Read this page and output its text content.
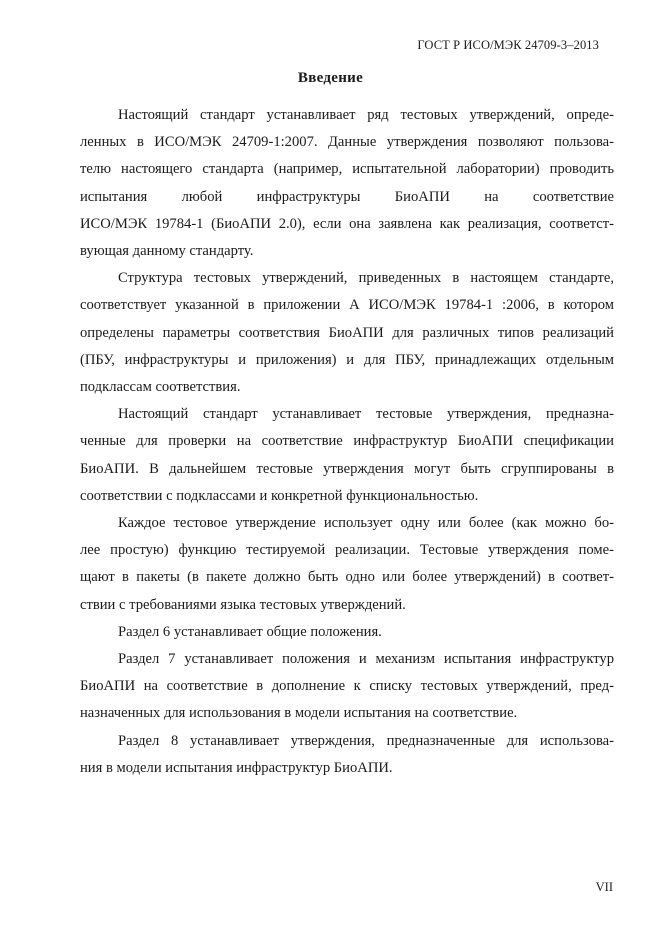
ГОСТ Р ИСО/МЭК 24709-3–2013
Введение

Настоящий стандарт устанавливает ряд тестовых утверждений, опреде-
ленных в ИСО/МЭК 24709-1:2007. Данные утверждения позволяют пользова-
телю настоящего стандарта (например, испытательной лаборатории) проводить
испытания любой инфраструктуры БиоАПИ на соответствие
ИСО/МЭК 19784-1 (БиоАПИ 2.0), если она заявлена как реализация, соответст-
вующая данному стандарту.

Структура тестовых утверждений, приведенных в настоящем стандарте,
соответствует указанной в приложении А ИСО/МЭК 19784-1 :2006, в котором
определены параметры соответствия БиоАПИ для различных типов реализаций
(ПБУ, инфраструктуры и приложения) и для ПБУ, принадлежащих отдельным
подклассам соответствия.

Настоящий стандарт устанавливает тестовые утверждения, предназна-
ченные для проверки на соответствие инфраструктур БиоАПИ спецификации
БиоАПИ. В дальнейшем тестовые утверждения могут быть сгруппированы в
соответствии с подклассами и конкретной функциональностью.

Каждое тестовое утверждение использует одну или более (как можно бо-
лее простую) функцию тестируемой реализации. Тестовые утверждения поме-
щают в пакеты (в пакете должно быть одно или более утверждений) в соответ-
ствии с требованиями языка тестовых утверждений.

Раздел 6 устанавливает общие положения.

Раздел 7 устанавливает положения и механизм испытания инфраструктур
БиоАПИ на соответствие в дополнение к списку тестовых утверждений, пред-
назначенных для использования в модели испытания на соответствие.

Раздел 8 устанавливает утверждения, предназначенные для использова-
ния в модели испытания инфраструктур БиоАПИ.

VII
